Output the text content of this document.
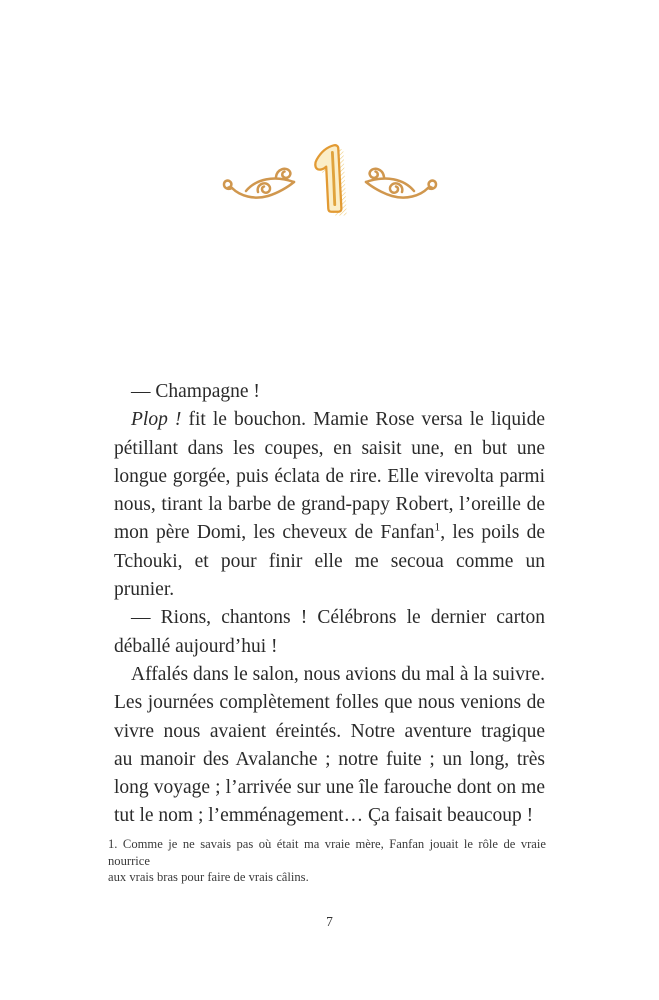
— Champagne !
Plop ! fit le bouchon. Mamie Rose versa le liquide
pétillant dans les coupes, en saisit une, en but une
longue gorgée, puis éclata de rire. Elle virevolta parmi
nous, tirant la barbe de grand-papy Robert, l’oreille de
mon père Domi, les cheveux de Fanfan$^1$, les poils de
Tchouki, et pour finir elle me secoua comme un prunier.
— Rions, chantons ! Célébrons le dernier carton
déballé aujourd’hui !
Affalés dans le salon, nous avions du mal à la suivre.
Les journées complètement folles que nous venions de
vivre nous avaient éreintés. Notre aventure tragique
au manoir des Avalanche ; notre fuite ; un long, très
long voyage ; l’arrivée sur une île farouche dont on me
tut le nom ; l’emménagement… Ça faisait beaucoup !
1. Comme je ne savais pas où était ma vraie mère, Fanfan jouait le rôle de vraie nourrice
aux vrais bras pour faire de vrais câlins.
7
